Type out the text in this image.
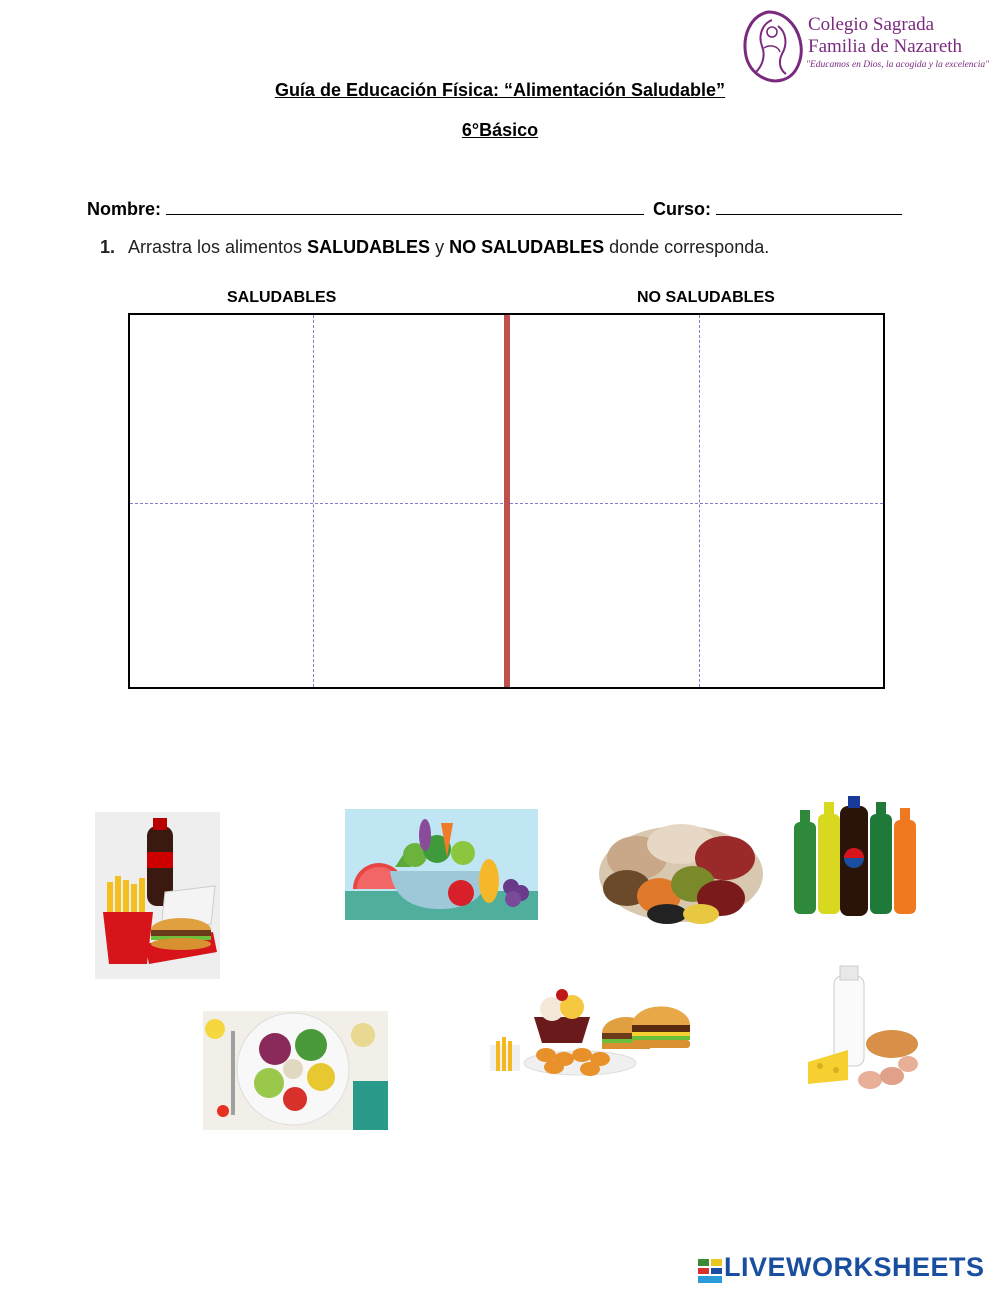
Colegio Sagrada
Familia de Nazareth
"Educamos en Dios, la acogida y la excelencia"
Guía de Educación Física: “Alimentación Saludable”
6°Básico
Nombre:	Curso:
1. Arrastra los alimentos SALUDABLES y NO SALUDABLES donde corresponda.
SALUDABLES	NO SALUDABLES
LIVEWORKSHEETS
